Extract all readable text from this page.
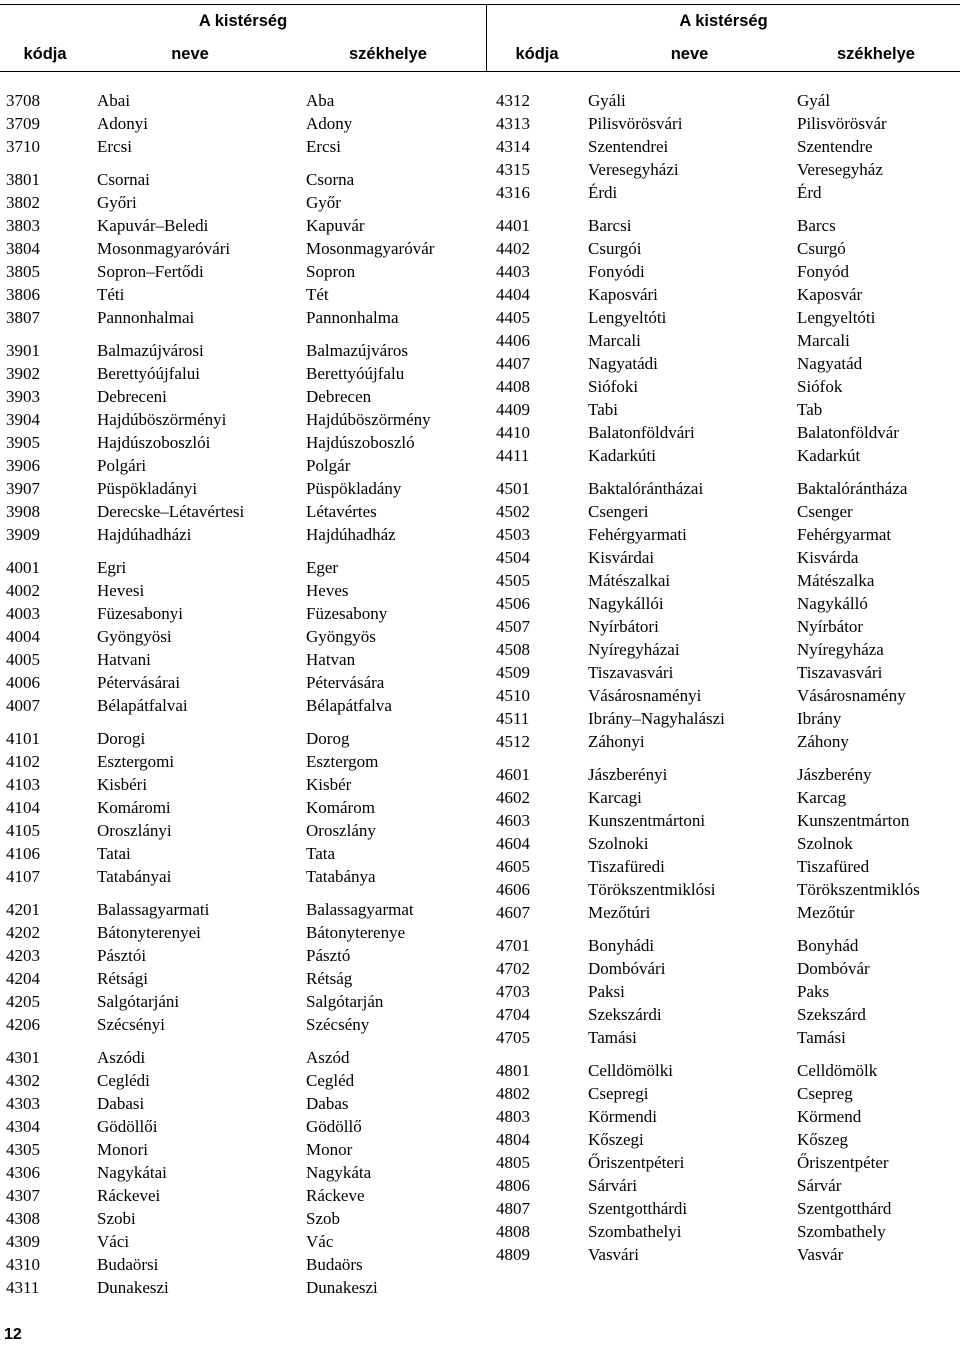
A kistérség
kódja	neve	székhelye
A kistérség
kódja	neve	székhelye
3708	Abai	Aba
3709	Adonyi	Adony
3710	Ercsi	Ercsi
3801	Csornai	Csorna
3802	Győri	Győr
3803	Kapuvár–Beledi	Kapuvár
3804	Mosonmagyaróvári	Mosonmagyaróvár
3805	Sopron–Fertődi	Sopron
3806	Téti	Tét
3807	Pannonhalmai	Pannonhalma
3901	Balmazújvárosi	Balmazújváros
3902	Berettyóújfalui	Berettyóújfalu
3903	Debreceni	Debrecen
3904	Hajdúböszörményi	Hajdúböszörmény
3905	Hajdúszoboszlói	Hajdúszoboszló
3906	Polgári	Polgár
3907	Püspökladányi	Püspökladány
3908	Derecske–Létavértesi	Létavértes
3909	Hajdúhadházi	Hajdúhadház
4001	Egri	Eger
4002	Hevesi	Heves
4003	Füzesabonyi	Füzesabony
4004	Gyöngyösi	Gyöngyös
4005	Hatvani	Hatvan
4006	Pétervásárai	Pétervására
4007	Bélapátfalvai	Bélapátfalva
4101	Dorogi	Dorog
4102	Esztergomi	Esztergom
4103	Kisbéri	Kisbér
4104	Komáromi	Komárom
4105	Oroszlányi	Oroszlány
4106	Tatai	Tata
4107	Tatabányai	Tatabánya
4201	Balassagyarmati	Balassagyarmat
4202	Bátonyterenyei	Bátonyterenye
4203	Pásztói	Pásztó
4204	Rétsági	Rétság
4205	Salgótarjáni	Salgótarján
4206	Szécsényi	Szécsény
4301	Aszódi	Aszód
4302	Ceglédi	Cegléd
4303	Dabasi	Dabas
4304	Gödöllői	Gödöllő
4305	Monori	Monor
4306	Nagykátai	Nagykáta
4307	Ráckevei	Ráckeve
4308	Szobi	Szob
4309	Váci	Vác
4310	Budaörsi	Budaörs
4311	Dunakeszi	Dunakeszi
4312	Gyáli	Gyál
4313	Pilisvörösvári	Pilisvörösvár
4314	Szentendrei	Szentendre
4315	Veresegyházi	Veresegyház
4316	Érdi	Érd
4401	Barcsi	Barcs
4402	Csurgói	Csurgó
4403	Fonyódi	Fonyód
4404	Kaposvári	Kaposvár
4405	Lengyeltóti	Lengyeltóti
4406	Marcali	Marcali
4407	Nagyatádi	Nagyatád
4408	Siófoki	Siófok
4409	Tabi	Tab
4410	Balatonföldvári	Balatonföldvár
4411	Kadarkúti	Kadarkút
4501	Baktalórántházai	Baktalórántháza
4502	Csengeri	Csenger
4503	Fehérgyarmati	Fehérgyarmat
4504	Kisvárdai	Kisvárda
4505	Mátészalkai	Mátészalka
4506	Nagykállói	Nagykálló
4507	Nyírbátori	Nyírbátor
4508	Nyíregyházai	Nyíregyháza
4509	Tiszavasvári	Tiszavasvári
4510	Vásárosnaményi	Vásárosnamény
4511	Ibrány–Nagyhalászi	Ibrány
4512	Záhonyi	Záhony
4601	Jászberényi	Jászberény
4602	Karcagi	Karcag
4603	Kunszentmártoni	Kunszentmárton
4604	Szolnoki	Szolnok
4605	Tiszafüredi	Tiszafüred
4606	Törökszentmiklósi	Törökszentmiklós
4607	Mezőtúri	Mezőtúr
4701	Bonyhádi	Bonyhád
4702	Dombóvári	Dombóvár
4703	Paksi	Paks
4704	Szekszárdi	Szekszárd
4705	Tamási	Tamási
4801	Celldömölki	Celldömölk
4802	Csepregi	Csepreg
4803	Körmendi	Körmend
4804	Kőszegi	Kőszeg
4805	Őriszentpéteri	Őriszentpéter
4806	Sárvári	Sárvár
4807	Szentgotthárdi	Szentgotthárd
4808	Szombathelyi	Szombathely
4809	Vasvári	Vasvár
12
